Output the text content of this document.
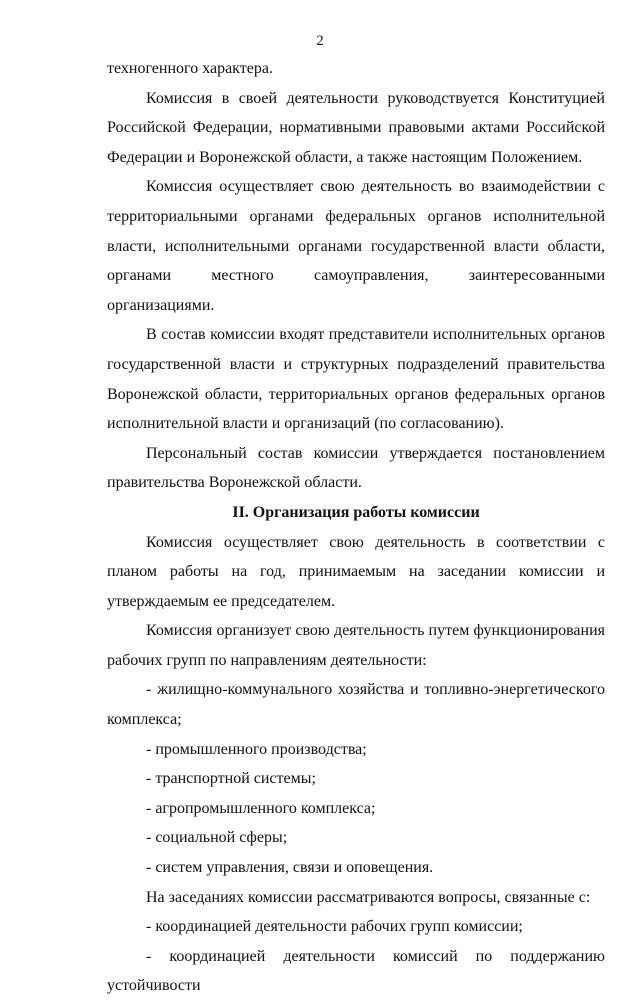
2

техногенного характера.

Комиссия в своей деятельности руководствуется Конституцией Российской Федерации, нормативными правовыми актами Российской Федерации и Воронежской области, а также настоящим Положением.

Комиссия осуществляет свою деятельность во взаимодействии с территориальными органами федеральных органов исполнительной власти, исполнительными органами государственной власти области, органами местного самоуправления, заинтересованными организациями.

В состав комиссии входят представители исполнительных органов государственной власти и структурных подразделений правительства Воронежской области, территориальных органов федеральных органов исполнительной власти и организаций (по согласованию).

Персональный состав комиссии утверждается постановлением правительства Воронежской области.

II. Организация работы комиссии

Комиссия осуществляет свою деятельность в соответствии с планом работы на год, принимаемым на заседании комиссии и утверждаемым ее председателем.

Комиссия организует свою деятельность путем функционирования рабочих групп по направлениям деятельности:

- жилищно-коммунального хозяйства и топливно-энергетического комплекса;

- промышленного производства;

- транспортной системы;

- агропромышленного комплекса;

- социальной сферы;

- систем управления, связи и оповещения.

На заседаниях комиссии рассматриваются вопросы, связанные с:

- координацией деятельности рабочих групп комиссии;

- координацией деятельности комиссий по поддержанию устойчивости
